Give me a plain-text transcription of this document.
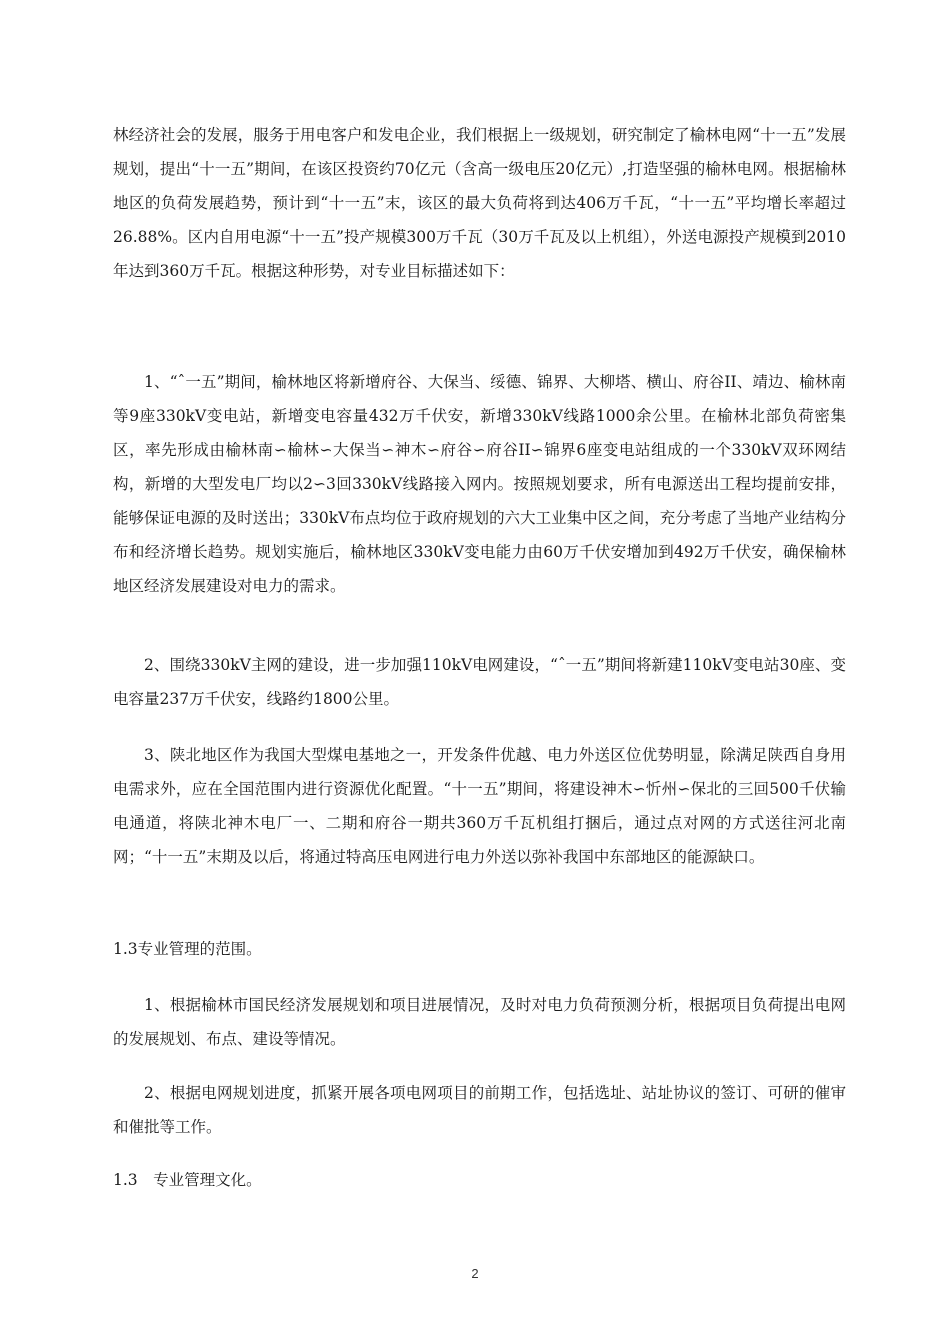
林经济社会的发展，服务于用电客户和发电企业，我们根据上一级规划，研究制定了榆林电网“十一五”发展规划，提出“十一五”期间，在该区投资约70亿元（含高一级电压20亿元）,打造坚强的榆林电网。根据榆林地区的负荷发展趋势，预计到“十一五”末，该区的最大负荷将到达406万千瓦，“十一五”平均增长率超过26.88%。区内自用电源“十一五”投产规模300万千瓦（30万千瓦及以上机组），外送电源投产规模到2010年达到360万千瓦。根据这种形势，对专业目标描述如下：

1、“ˆ一五”期间，榆林地区将新增府谷、大保当、绥德、锦界、大柳塔、横山、府谷II、靖边、榆林南等9座330kV变电站，新增变电容量432万千伏安，新增330kV线路1000余公里。在榆林北部负荷密集区，率先形成由榆林南∽榆林∽大保当∽神木∽府谷∽府谷II∽锦界6座变电站组成的一个330kV双环网结构，新增的大型发电厂均以2∽3回330kV线路接入网内。按照规划要求，所有电源送出工程均提前安排，能够保证电源的及时送出；330kV布点均位于政府规划的六大工业集中区之间，充分考虑了当地产业结构分布和经济增长趋势。规划实施后，榆林地区330kV变电能力由60万千伏安增加到492万千伏安，确保榆林地区经济发展建设对电力的需求。

2、围绕330kV主网的建设，进一步加强110kV电网建设，“ˆ一五”期间将新建110kV变电站30座、变电容量237万千伏安，线路约1800公里。

3、陕北地区作为我国大型煤电基地之一，开发条件优越、电力外送区位优势明显，除满足陕西自身用电需求外，应在全国范围内进行资源优化配置。“十一五”期间，将建设神木∽忻州∽保北的三回500千伏输电通道，将陕北神木电厂一、二期和府谷一期共360万千瓦机组打捆后，通过点对网的方式送往河北南网；“十一五”末期及以后，将通过特高压电网进行电力外送以弥补我国中东部地区的能源缺口。

1.3专业管理的范围。

1、根据榆林市国民经济发展规划和项目进展情况，及时对电力负荷预测分析，根据项目负荷提出电网的发展规划、布点、建设等情况。

2、根据电网规划进度，抓紧开展各项电网项目的前期工作，包括选址、站址协议的签订、可研的催审和催批等工作。

1.3　专业管理文化。

2
